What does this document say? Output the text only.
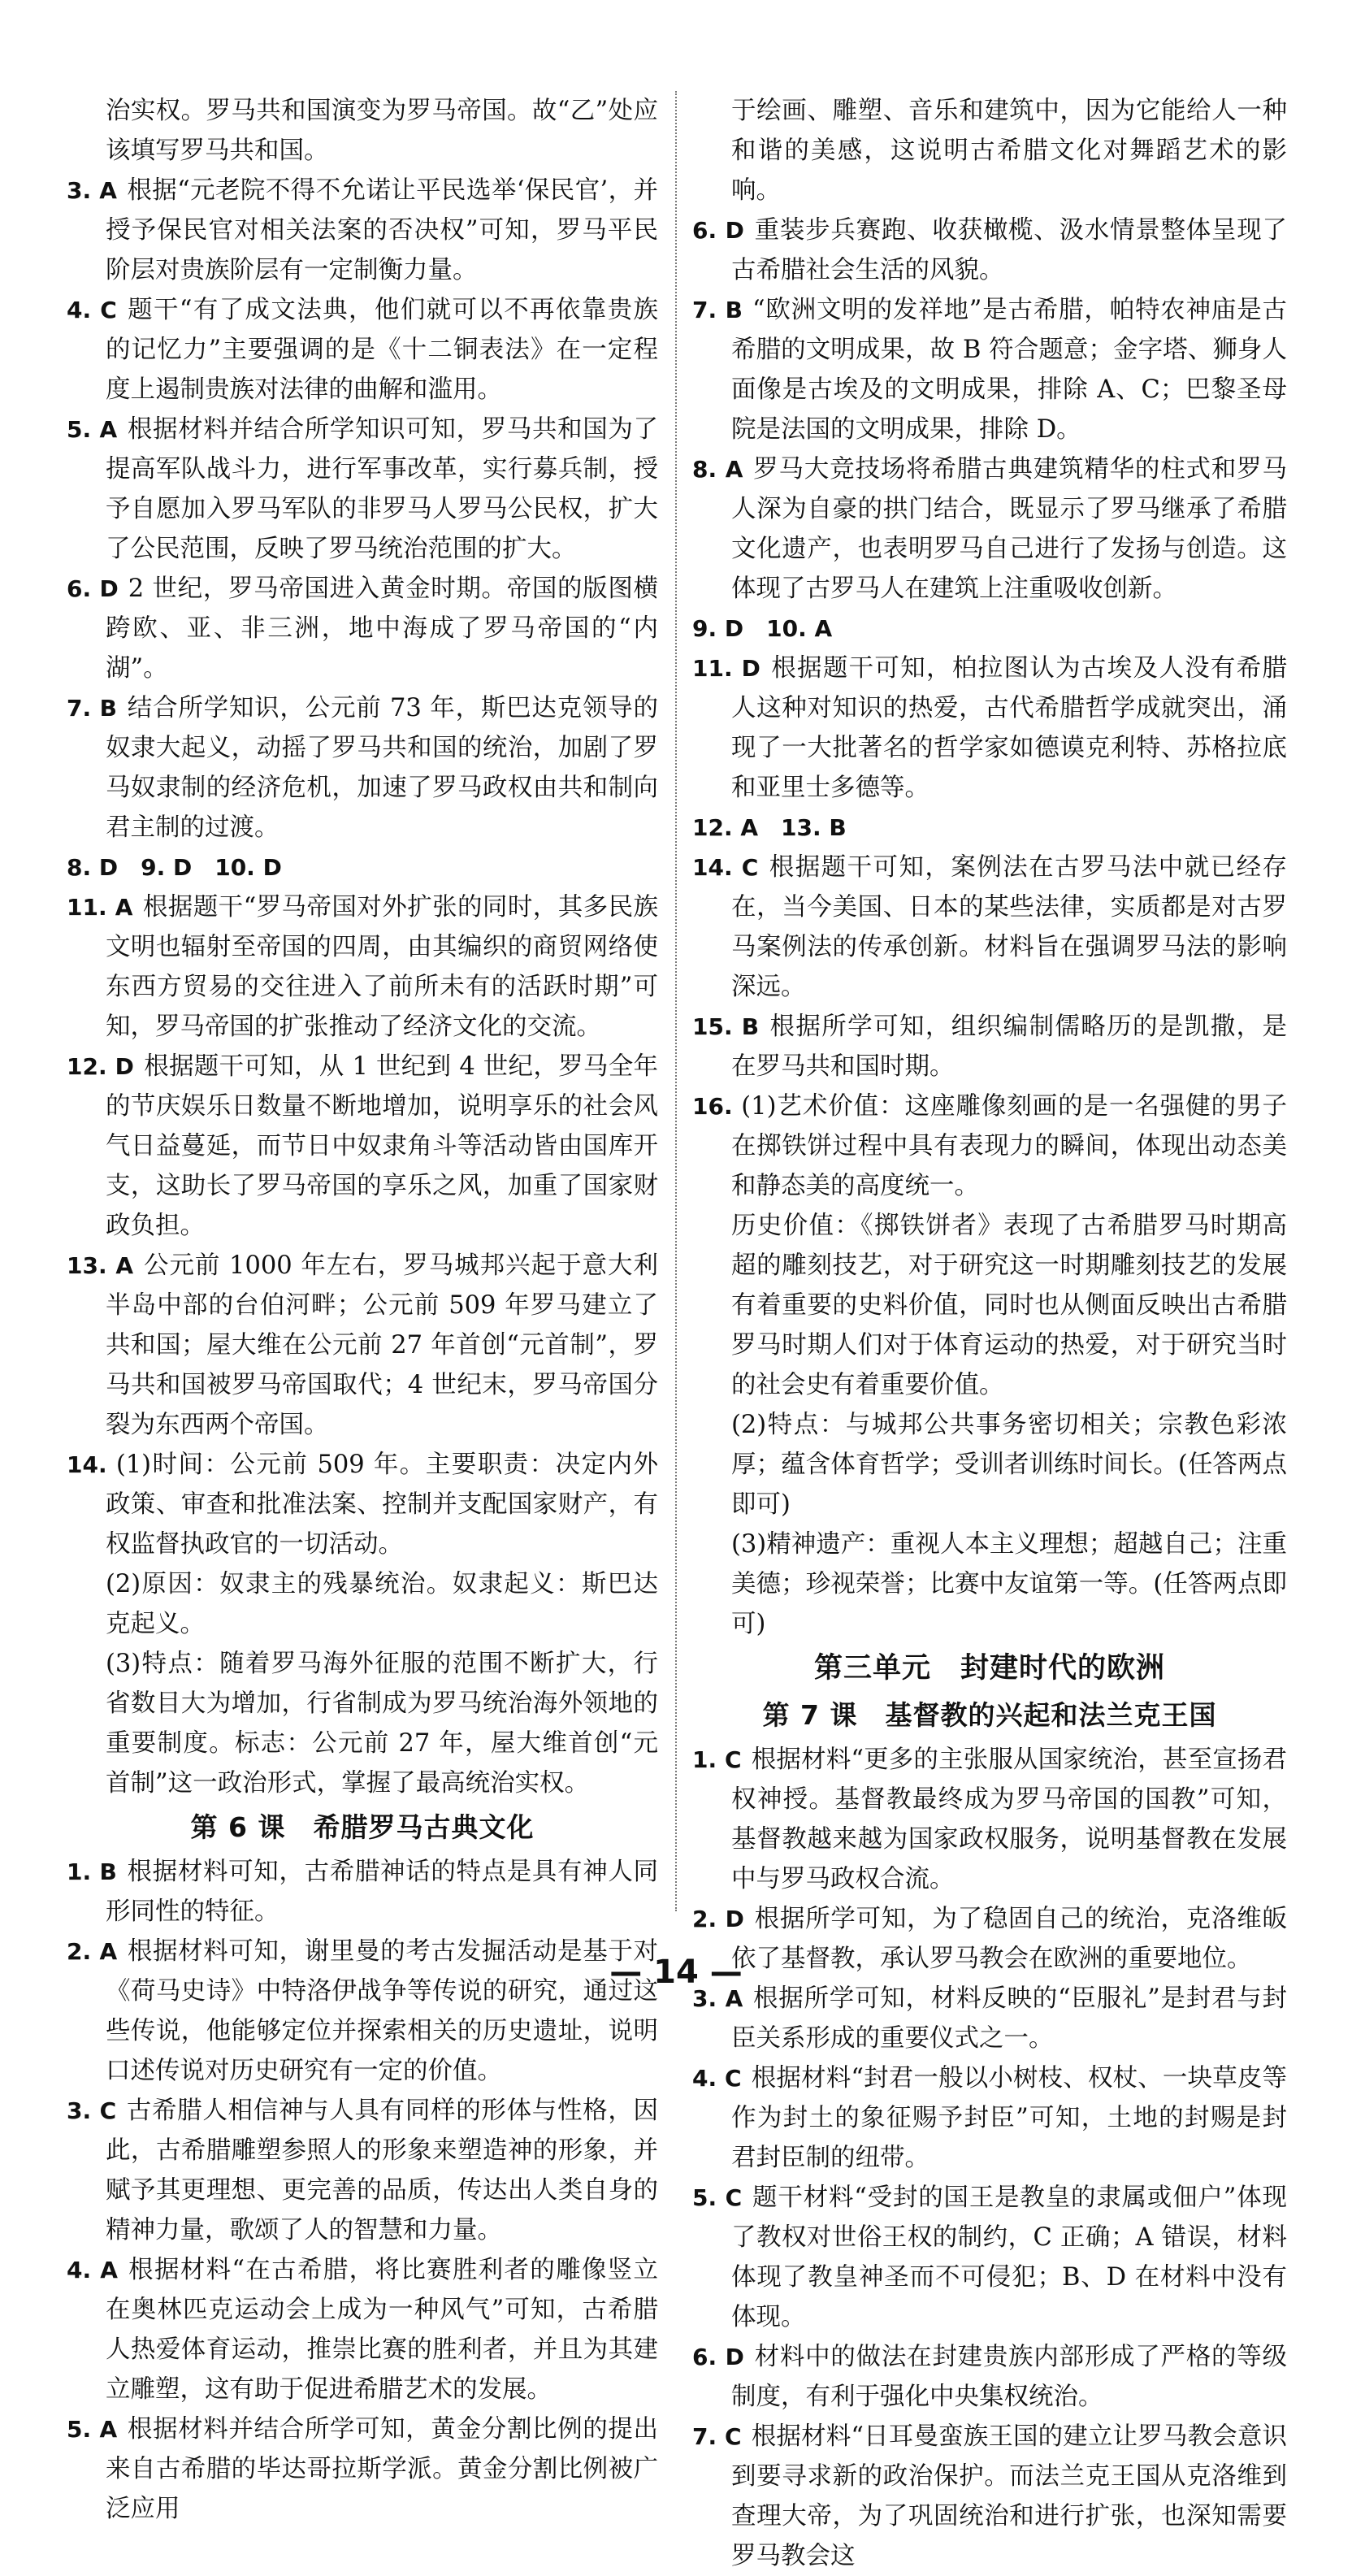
治实权。罗马共和国演变为罗马帝国。故“乙”处应该填写罗马共和国。

3. A 根据“元老院不得不允诺让平民选举‘保民官’，并授予保民官对相关法案的否决权”可知，罗马平民阶层对贵族阶层有一定制衡力量。

4. C 题干“有了成文法典，他们就可以不再依靠贵族的记忆力”主要强调的是《十二铜表法》在一定程度上遏制贵族对法律的曲解和滥用。

5. A 根据材料并结合所学知识可知，罗马共和国为了提高军队战斗力，进行军事改革，实行募兵制，授予自愿加入罗马军队的非罗马人罗马公民权，扩大了公民范围，反映了罗马统治范围的扩大。

6. D 2 世纪，罗马帝国进入黄金时期。帝国的版图横跨欧、亚、非三洲，地中海成了罗马帝国的“内湖”。

7. B 结合所学知识，公元前 73 年，斯巴达克领导的奴隶大起义，动摇了罗马共和国的统治，加剧了罗马奴隶制的经济危机，加速了罗马政权由共和制向君主制的过渡。

8. D　9. D　10. D

11. A 根据题干“罗马帝国对外扩张的同时，其多民族文明也辐射至帝国的四周，由其编织的商贸网络使东西方贸易的交往进入了前所未有的活跃时期”可知，罗马帝国的扩张推动了经济文化的交流。

12. D 根据题干可知，从 1 世纪到 4 世纪，罗马全年的节庆娱乐日数量不断地增加，说明享乐的社会风气日益蔓延，而节日中奴隶角斗等活动皆由国库开支，这助长了罗马帝国的享乐之风，加重了国家财政负担。

13. A 公元前 1000 年左右，罗马城邦兴起于意大利半岛中部的台伯河畔；公元前 509 年罗马建立了共和国；屋大维在公元前 27 年首创“元首制”，罗马共和国被罗马帝国取代；4 世纪末，罗马帝国分裂为东西两个帝国。

14. (1)时间：公元前 509 年。主要职责：决定内外政策、审查和批准法案、控制并支配国家财产，有权监督执政官的一切活动。

(2)原因：奴隶主的残暴统治。奴隶起义：斯巴达克起义。

(3)特点：随着罗马海外征服的范围不断扩大，行省数目大为增加，行省制成为罗马统治海外领地的重要制度。标志：公元前 27 年，屋大维首创“元首制”这一政治形式，掌握了最高统治实权。

第 6 课　希腊罗马古典文化

1. B 根据材料可知，古希腊神话的特点是具有神人同形同性的特征。

2. A 根据材料可知，谢里曼的考古发掘活动是基于对《荷马史诗》中特洛伊战争等传说的研究，通过这些传说，他能够定位并探索相关的历史遗址，说明口述传说对历史研究有一定的价值。

3. C 古希腊人相信神与人具有同样的形体与性格，因此，古希腊雕塑参照人的形象来塑造神的形象，并赋予其更理想、更完善的品质，传达出人类自身的精神力量，歌颂了人的智慧和力量。

4. A 根据材料“在古希腊，将比赛胜利者的雕像竖立在奥林匹克运动会上成为一种风气”可知，古希腊人热爱体育运动，推崇比赛的胜利者，并且为其建立雕塑，这有助于促进希腊艺术的发展。

5. A 根据材料并结合所学可知，黄金分割比例的提出来自古希腊的毕达哥拉斯学派。黄金分割比例被广泛应用

于绘画、雕塑、音乐和建筑中，因为它能给人一种和谐的美感，这说明古希腊文化对舞蹈艺术的影响。

6. D 重装步兵赛跑、收获橄榄、汲水情景整体呈现了古希腊社会生活的风貌。

7. B “欧洲文明的发祥地”是古希腊，帕特农神庙是古希腊的文明成果，故 B 符合题意；金字塔、狮身人面像是古埃及的文明成果，排除 A、C；巴黎圣母院是法国的文明成果，排除 D。

8. A 罗马大竞技场将希腊古典建筑精华的柱式和罗马人深为自豪的拱门结合，既显示了罗马继承了希腊文化遗产，也表明罗马自己进行了发扬与创造。这体现了古罗马人在建筑上注重吸收创新。

9. D　10. A

11. D 根据题干可知，柏拉图认为古埃及人没有希腊人这种对知识的热爱，古代希腊哲学成就突出，涌现了一大批著名的哲学家如德谟克利特、苏格拉底和亚里士多德等。

12. A　13. B

14. C 根据题干可知，案例法在古罗马法中就已经存在，当今美国、日本的某些法律，实质都是对古罗马案例法的传承创新。材料旨在强调罗马法的影响深远。

15. B 根据所学可知，组织编制儒略历的是凯撒，是在罗马共和国时期。

16. (1)艺术价值：这座雕像刻画的是一名强健的男子在掷铁饼过程中具有表现力的瞬间，体现出动态美和静态美的高度统一。

历史价值：《掷铁饼者》表现了古希腊罗马时期高超的雕刻技艺，对于研究这一时期雕刻技艺的发展有着重要的史料价值，同时也从侧面反映出古希腊罗马时期人们对于体育运动的热爱，对于研究当时的社会史有着重要价值。

(2)特点：与城邦公共事务密切相关；宗教色彩浓厚；蕴含体育哲学；受训者训练时间长。(任答两点即可)

(3)精神遗产：重视人本主义理想；超越自己；注重美德；珍视荣誉；比赛中友谊第一等。(任答两点即可)

第三单元　封建时代的欧洲
第 7 课　基督教的兴起和法兰克王国

1. C 根据材料“更多的主张服从国家统治，甚至宣扬君权神授。基督教最终成为罗马帝国的国教”可知，基督教越来越为国家政权服务，说明基督教在发展中与罗马政权合流。

2. D 根据所学可知，为了稳固自己的统治，克洛维皈依了基督教，承认罗马教会在欧洲的重要地位。

3. A 根据所学可知，材料反映的“臣服礼”是封君与封臣关系形成的重要仪式之一。

4. C 根据材料“封君一般以小树枝、权杖、一块草皮等作为封土的象征赐予封臣”可知，土地的封赐是封君封臣制的纽带。

5. C 题干材料“受封的国王是教皇的隶属或佃户”体现了教权对世俗王权的制约，C 正确；A 错误，材料体现了教皇神圣而不可侵犯；B、D 在材料中没有体现。

6. D 材料中的做法在封建贵族内部形成了严格的等级制度，有利于强化中央集权统治。

7. C 根据材料“日耳曼蛮族王国的建立让罗马教会意识到要寻求新的政治保护。而法兰克王国从克洛维到查理大帝，为了巩固统治和进行扩张，也深知需要罗马教会这

— 14 —
